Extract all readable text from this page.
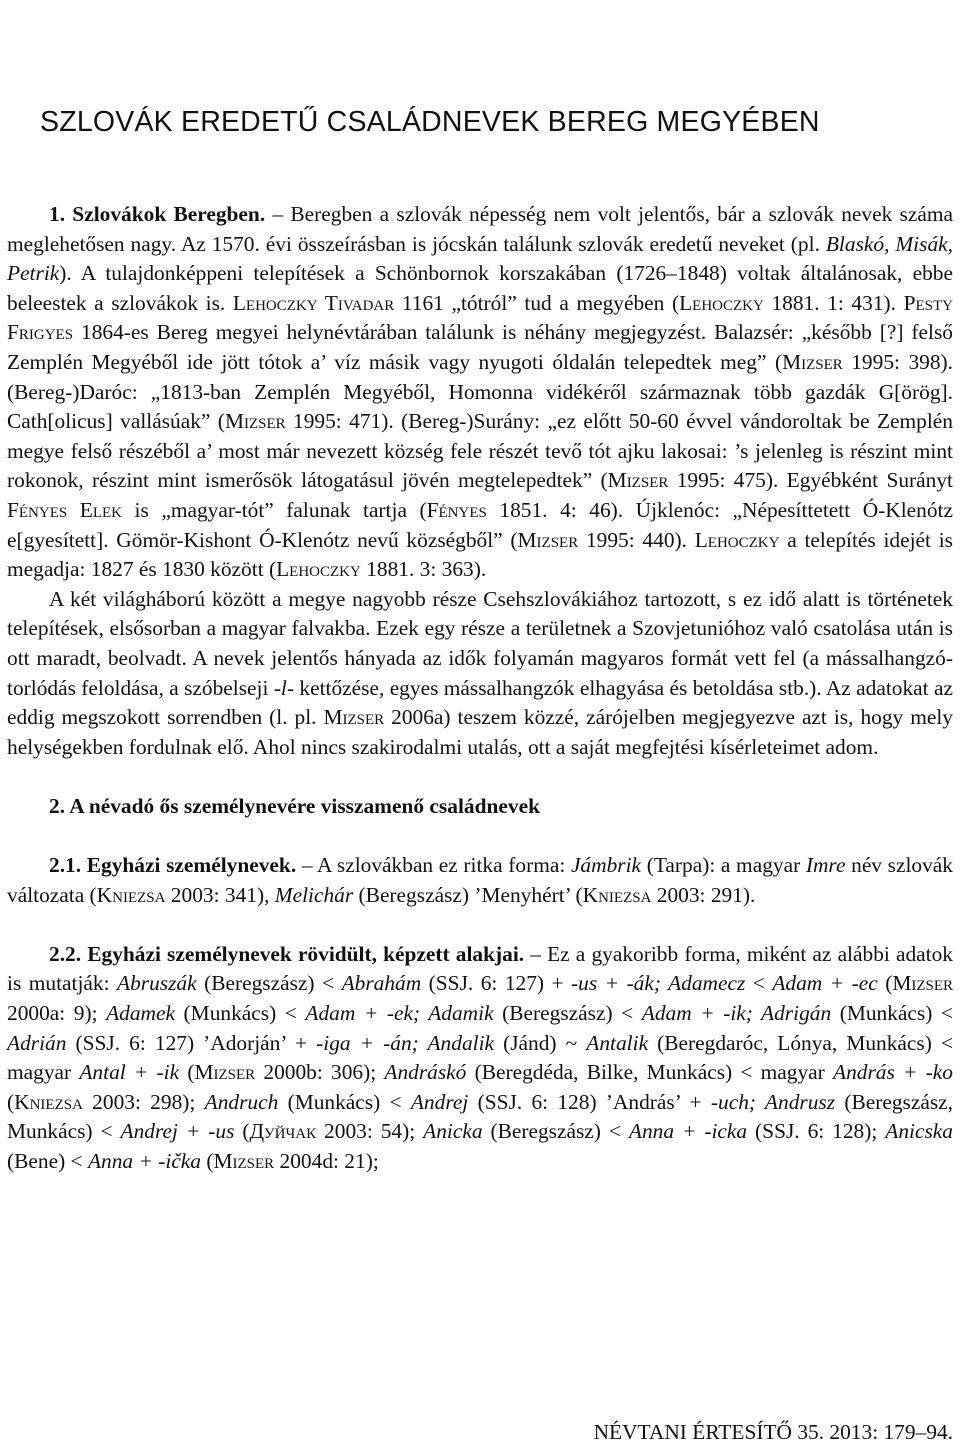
SZLOVÁK EREDETŰ CSALÁDNEVEK BEREG MEGYÉBEN

1. Szlovákok Beregben. – Beregben a szlovák népesség nem volt jelentős, bár a szlovák nevek száma meglehetősen nagy. Az 1570. évi összeírásban is jócskán találunk szlovák eredetű neveket (pl. Blaskó, Misák, Petrik). A tulajdonképpeni telepítések a Schönbornok korszakában (1726–1848) voltak általánosak, ebbe beleestek a szlovákok is. Lehoczky Tivadar 1161 „tótról” tud a megyében (Lehoczky 1881. 1: 431). Pesty Frigyes 1864-es Bereg megyei helynévtárában találunk is néhány megjegyzést. Balazsér: „később [?] felső Zemplén Megyéből ide jött tótok a’ víz másik vagy nyugoti óldalán telepedtek meg” (Mizser 1995: 398). (Bereg-)Daróc: „1813-ban Zemplén Megyéből, Homonna vidékéről származnak több gazdák G[örög]. Cath[olicus] vallásúak” (Mizser 1995: 471). (Bereg-)Surány: „ez előtt 50-60 évvel vándoroltak be Zemplén megye felső részéből a’ most már nevezett község fele részét tevő tót ajku lakosai: ’s jelenleg is részint mint rokonok, részint mint ismerősök látogatásul jövén megtelepedtek” (Mizser 1995: 475). Egyébként Surányt Fényes Elek is „magyar-tót” falunak tartja (Fényes 1851. 4: 46). Újklenóc: „Népesíttetett Ó-Klenótz e[gyesített]. Gömör-Kishont Ó-Klenótz nevű községből” (Mizser 1995: 440). Lehoczky a telepítés idejét is megadja: 1827 és 1830 között (Lehoczky 1881. 3: 363).

A két világháború között a megye nagyobb része Csehszlovákiához tartozott, s ez idő alatt is történetek telepítések, elsősorban a magyar falvakba. Ezek egy része a területnek a Szovjetunióhoz való csatolása után is ott maradt, beolvadt. A nevek jelentős hányada az idők folyamán magyaros formát vett fel (a mássalhangzó-torlódás feloldása, a szóbelseji -l- kettőzése, egyes mássalhangzók elhagyása és betoldása stb.). Az adatokat az eddig megszokott sorrendben (l. pl. Mizser 2006a) teszem közzé, zárójelben megjegyezve azt is, hogy mely helységekben fordulnak elő. Ahol nincs szakirodalmi utalás, ott a saját megfejtési kísérleteimet adom.

2. A névadó ős személynevére visszamenő családnevek

2.1. Egyházi személynevek. – A szlovákban ez ritka forma: Jámbrik (Tarpa): a magyar Imre név szlovák változata (Kniezsa 2003: 341), Melichár (Beregszász) ’Menyhért’ (Kniezsa 2003: 291).

2.2. Egyházi személynevek rövidült, képzett alakjai. – Ez a gyakoribb forma, miként az alábbi adatok is mutatják: Abruszák (Beregszász) < Abrahám (SSJ. 6: 127) + -us + -ák; Adamecz < Adam + -ec (Mizser 2000a: 9); Adamek (Munkács) < Adam + -ek; Adamik (Beregszász) < Adam + -ik; Adrigán (Munkács) < Adrián (SSJ. 6: 127) ’Adorján’ + -iga + -án; Andalik (Jánd) ~ Antalik (Beregdaróc, Lónya, Munkács) < magyar Antal + -ik (Mizser 2000b: 306); Andráskó (Beregdéda, Bilke, Munkács) < magyar András + -ko (Kniezsa 2003: 298); Andruch (Munkács) < Andrej (SSJ. 6: 128) ’András’ + -uch; Andrusz (Beregszász, Munkács) < Andrej + -us (Дуйчак 2003: 54); Anicka (Beregszász) < Anna + -icka (SSJ. 6: 128); Anicska (Bene) < Anna + -ička (Mizser 2004d: 21);

NÉVTANI ÉRTESÍTŐ 35. 2013: 179–94.
